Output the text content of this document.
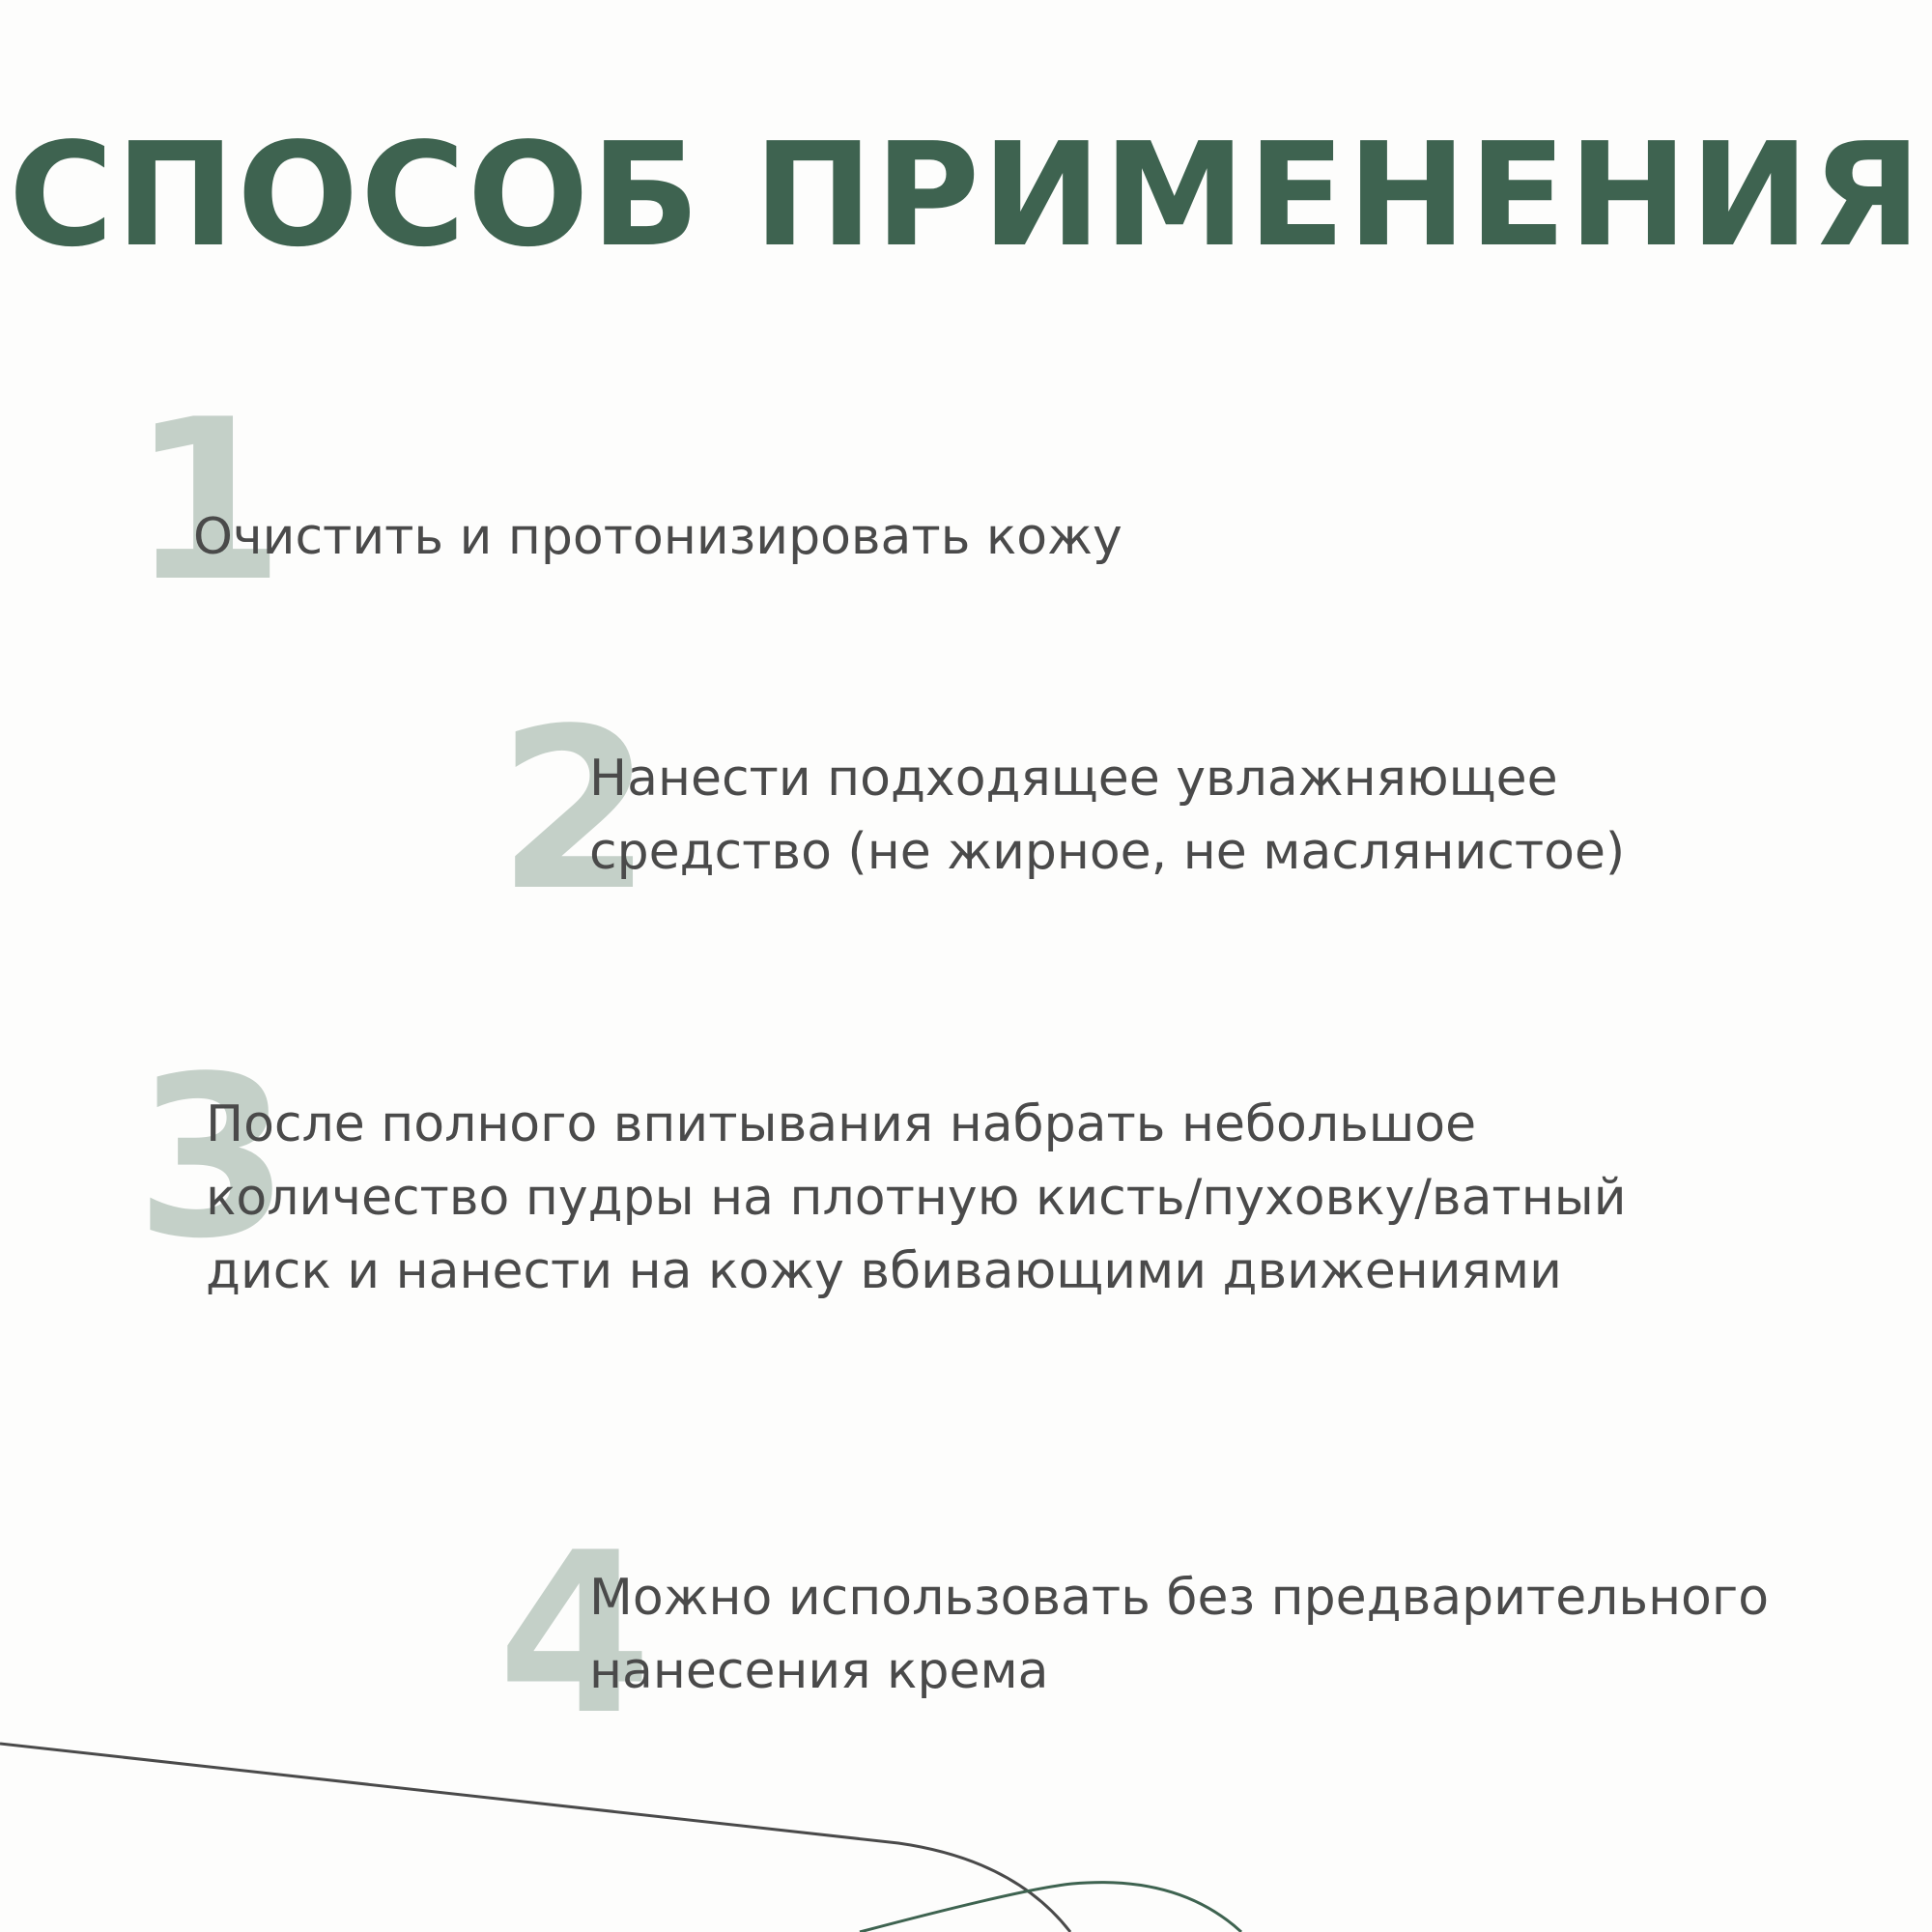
СПОСОБ ПРИМЕНЕНИЯ
1
Очистить и протонизировать кожу
2
Нанести подходящее увлажняющее
средство (не жирное, не маслянистое)
3
После полного впитывания набрать небольшое
количество пудры на плотную кисть/пуховку/ватный
диск и нанести на кожу вбивающими движениями
4
Можно использовать без предварительного
нанесения крема
